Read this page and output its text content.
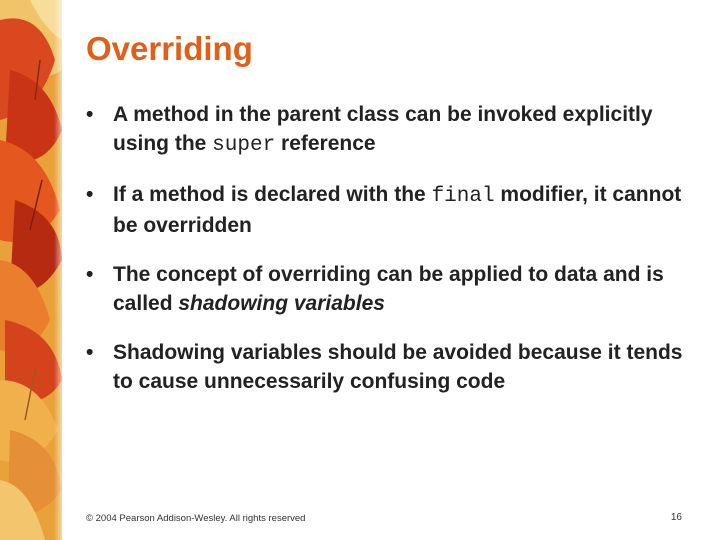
Overriding
• A method in the parent class can be invoked explicitly using the super reference
• If a method is declared with the final modifier, it cannot be overridden
• The concept of overriding can be applied to data and is called shadowing variables
• Shadowing variables should be avoided because it tends to cause unnecessarily confusing code
© 2004 Pearson Addison-Wesley. All rights reserved	16
